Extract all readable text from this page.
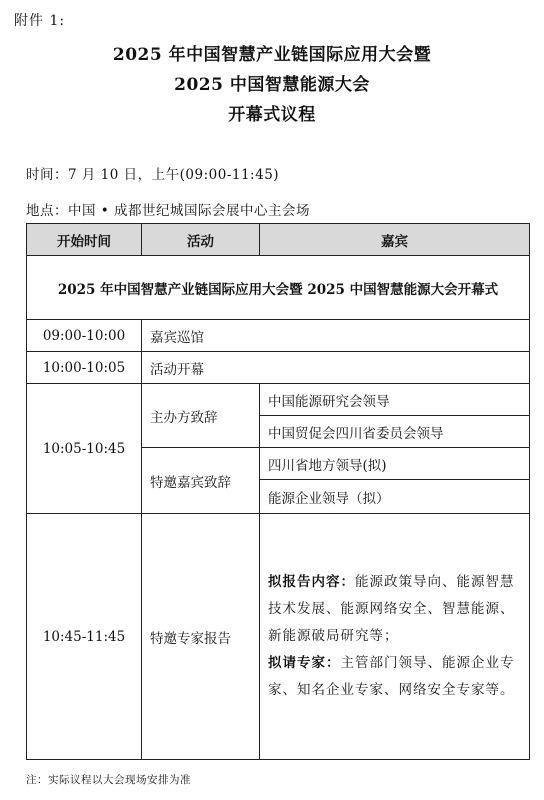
附件 1:
2025 年中国智慧产业链国际应用大会暨
2025 中国智慧能源大会
开幕式议程
时间：7 月 10 日，上午(09:00-11:45)
地点：中国 • 成都世纪城国际会展中心主会场
开始时间	活动	嘉宾
2025 年中国智慧产业链国际应用大会暨 2025 中国智慧能源大会开幕式		
09:00-10:00	嘉宾巡馆	
10:00-10:05	活动开幕	
10:05-10:45	主办方致辞	中国能源研究会领导
		中国贸促会四川省委员会领导
	特邀嘉宾致辞	四川省地方领导(拟)
		能源企业领导（拟）
10:45-11:45	特邀专家报告	拟报告内容：能源政策导向、能源智慧技术发展、能源网络安全、智慧能源、新能源破局研究等；
拟请专家：主管部门领导、能源企业专家、知名企业专家、网络安全专家等。
注：实际议程以大会现场安排为准
